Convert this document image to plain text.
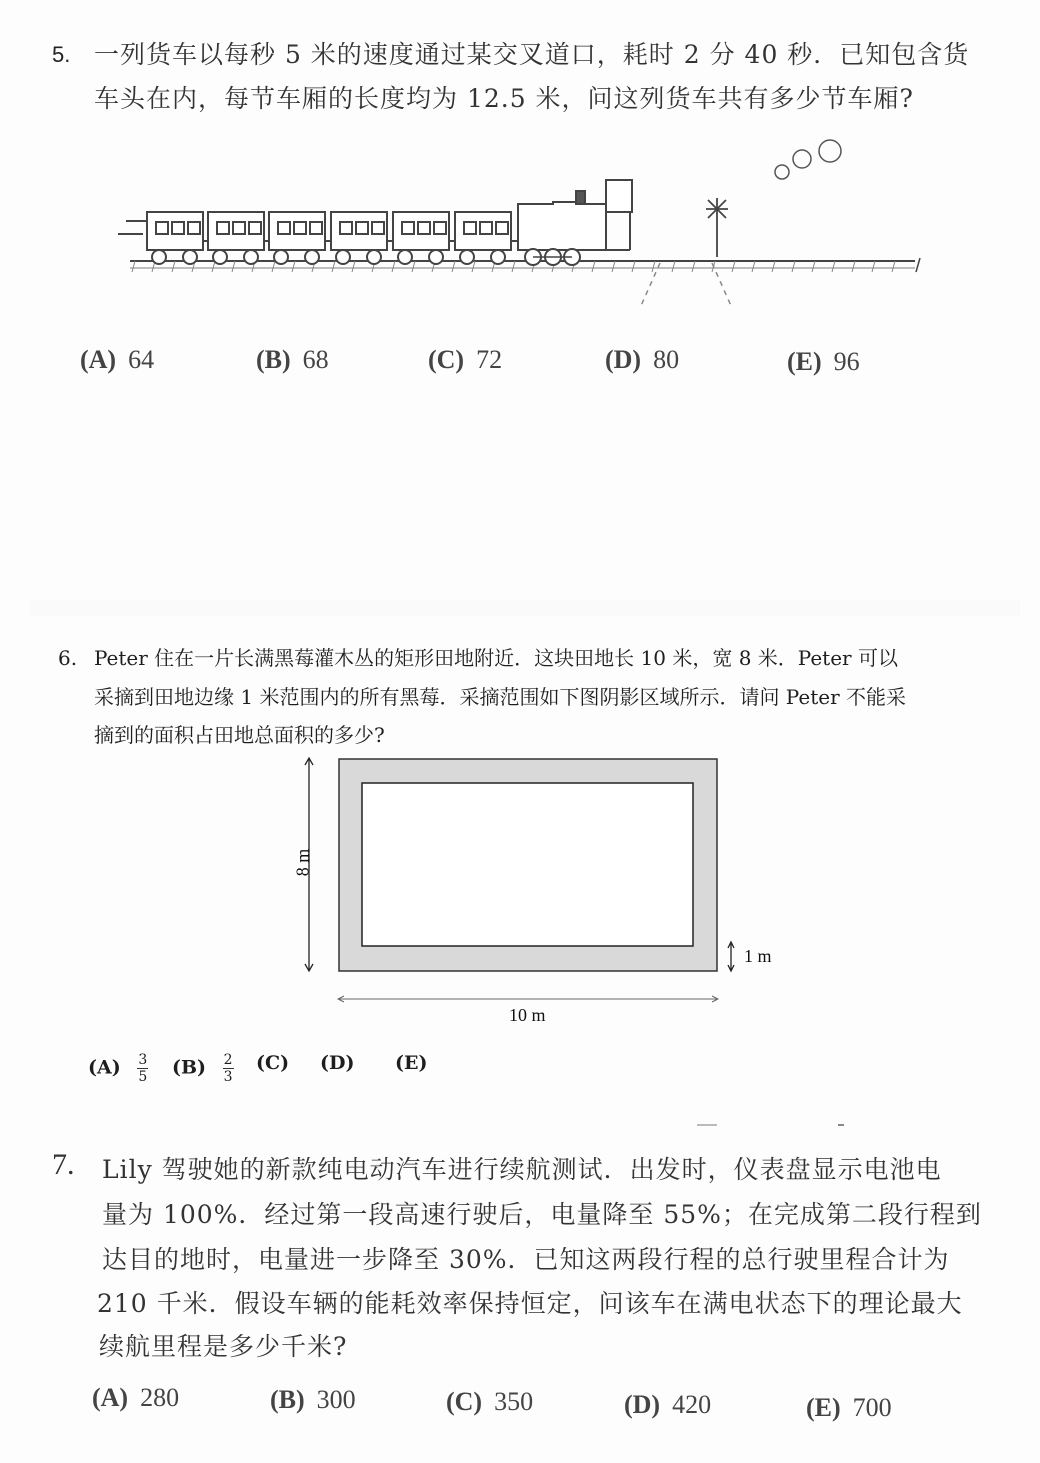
5. 一列货车以每秒 5 米的速度通过某交叉道口，耗时 2 分 40 秒．已知包含货
车头在内，每节车厢的长度均为 12.5 米，问这列货车共有多少节车厢?
(A) 64	(B) 68	(C) 72	(D) 80	(E) 96
6. Peter 住在一片长满黑莓灌木丛的矩形田地附近．这块田地长 10 米，宽 8 米．Peter 可以
采摘到田地边缘 1 米范围内的所有黑莓．采摘范围如下图阴影区域所示．请问 Peter 不能采
摘到的面积占田地总面积的多少?
8 m
1 m
10 m
$(A) \frac{3}{5} (B) \frac{2}{3} (C)$ (D) (E)
7. Lily 驾驶她的新款纯电动汽车进行续航测试．出发时，仪表盘显示电池电
量为 100%．经过第一段高速行驶后，电量降至 55%；在完成第二段行程到
达目的地时，电量进一步降至 30%．已知这两段行程的总行驶里程合计为
210 千米．假设车辆的能耗效率保持恒定，问该车在满电状态下的理论最大
续航里程是多少千米?
(A) 280	(B) 300	(C) 350	(D) 420	(E) 700
